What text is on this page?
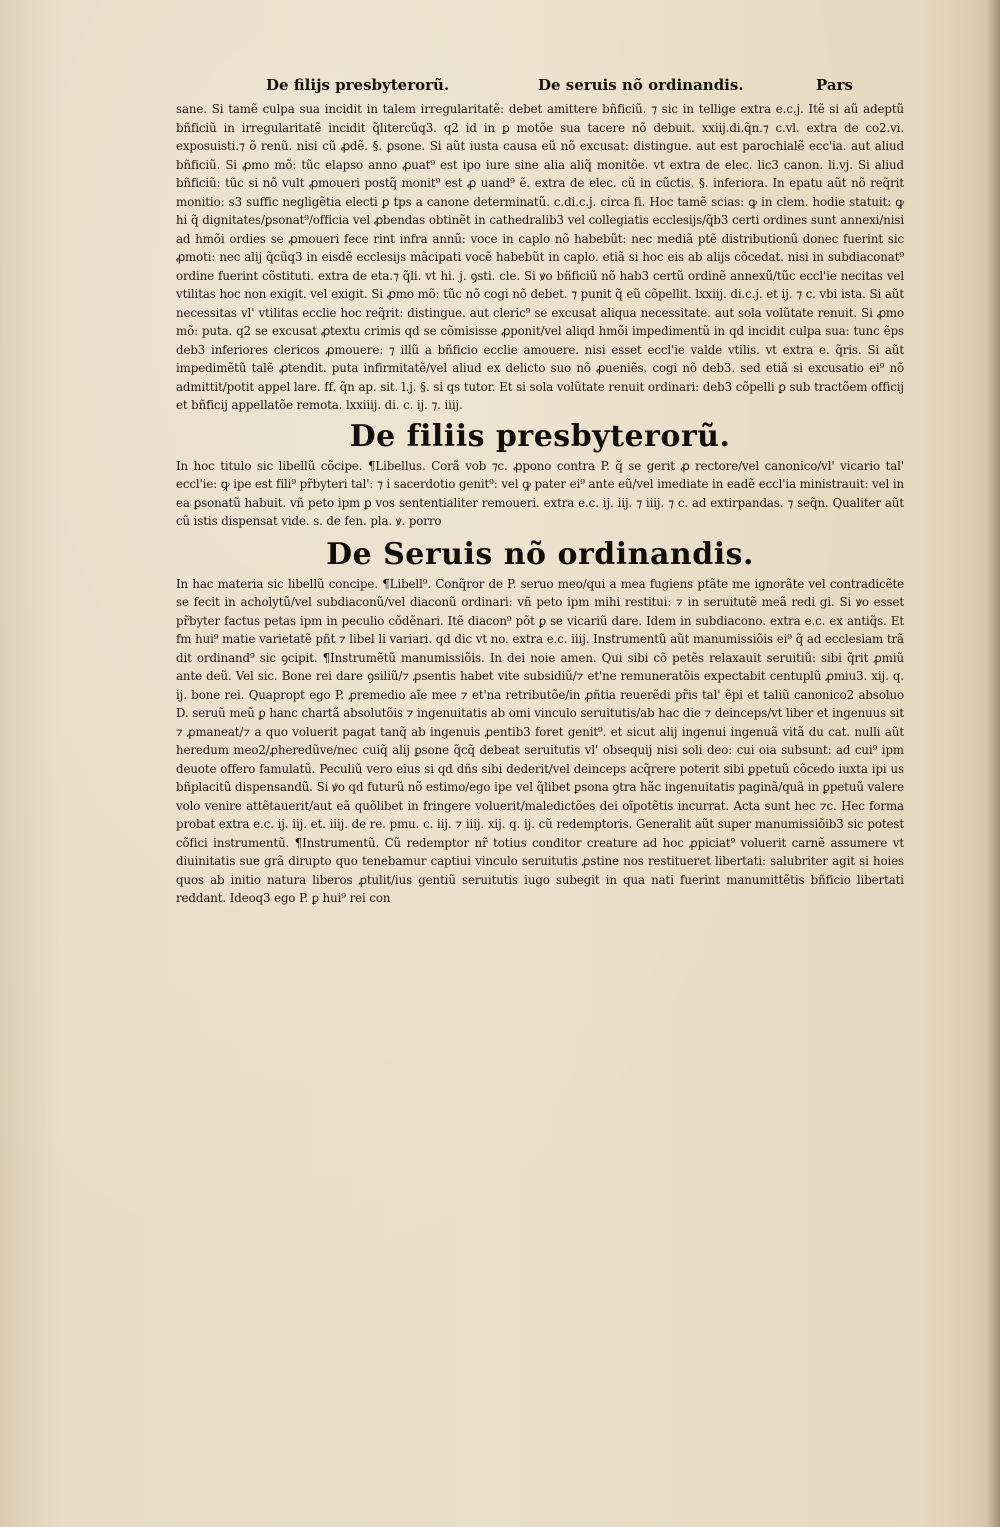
De filijs presbyterorũ.	De seruis nõ ordinandis.	Pars

sane. Si tamẽ culpa sua incidit in talem irregularitatẽ: debet amittere bñficiũ. ⁊ sic in tellige extra e.c.j. Itẽ si aũ adeptũ bñficiũ in irregularitatẽ incidit q̃litercũq3. q2 id in ꝑ motõe sua tacere nõ debuit. xxiij.di.q̃n.⁊ c.vl. extra de co2.vi. exposuisti.⁊ õ renũ. nisi cũ ꝓdẽ. §. ꝑsone. Si aũt iusta causa eũ nõ excusat: distingue. aut est parochialẽ ecc'ia. aut aliud bñficiũ. Si ꝓmo mõ: tũc elapso anno ꝓuat⁹ est ipo iure sine alia aliq̃ monitõe. vt extra de elec. lic3 canon. li.vj. Si aliud bñficiũ: tũc si nõ vult ꝓmoueri postq̃ monit⁹ est ꝓ uand⁹ ẽ. extra de elec. cũ in cũctis. §. inferiora. In epatu aũt nõ req̃rit monitio: s3 suffic negligẽtia electi ꝑ tps a canone determinatũ. c.di.c.j. circa fi. Hoc tamẽ scias: ꝙ in clem. hodie statuit: ꝙ hi q̃ dignitates/ꝑsonat⁹/officia vel ꝓbendas obtinẽt in cathedralib3 vel collegiatis ecclesijs/q̃b3 certi ordines sunt annexi/nisi ad hmõi ordies se ꝓmoueri fece rint infra annũ: voce in caplo nõ habebũt: nec mediã ptẽ distributionũ donec fuerint sic ꝓmoti: nec alij q̃cũq3 in eisdẽ ecclesijs mãcipati vocẽ habebũt in caplo. etiã si hoc eis ab alijs cõcedat. nisi in subdiaconat⁹ ordine fuerint cõstituti. extra de eta.⁊ q̃li. vt hi. j. ꝯsti. cle. Si ꝟo bñficiũ nõ hab3 certũ ordinẽ annexũ/tũc eccl'ie necitas vel vtilitas hoc non exigit. vel exigit. Si ꝓmo mõ: tũc nõ cogi nõ debet. ⁊ punit q̃ eũ cõpellit. lxxiij. di.c.j. et ij. ⁊ c. vbi ista. Si aũt necessitas vl' vtilitas ecclie hoc req̃rit: distingue. aut cleric⁹ se excusat aliqua necessitate. aut sola volũtate renuit. Si ꝓmo mõ: puta. q2 se excusat ꝓtextu crimis qd se cõmisisse ꝓponit/vel aliqd hmõi impedimentũ in qd incidit culpa sua: tunc ẽps deb3 inferiores clericos ꝓmouere: ⁊ illũ a bñficio ecclie amouere. nisi esset eccl'ie valde vtilis. vt extra e. q̃ris. Si aũt impedimẽtũ talẽ ꝓtendit. puta infirmitatẽ/vel aliud ex delicto suo nõ ꝓueniẽs. cogi nõ deb3. sed etiã si excusatio ei⁹ nõ admittit/potit appel lare. ff. q̃n ap. sit. l.j. §. si qs tutor. Et si sola volũtate renuit ordinari: deb3 cõpelli ꝑ sub tractõem officij et bñficij appellatõe remota. lxxiiij. di. c. ij. ⁊. iiij.

De filiis presbyterorũ.

In hoc titulo sic libellũ cõcipe. ¶Libellus. Corã vob ⁊c. ꝓpono contra P. q̃ se gerit ꝓ rectore/vel canonico/vl' vicario tal' eccl'ie: ꝙ ipe est fili⁹ pr̃byteri tal': ⁊ i sacerdotio genit⁹: vel ꝙ pater ei⁹ ante eũ/vel imediate in eadẽ eccl'ia ministrauit: vel in ea ꝑsonatũ habuit. vñ peto ipm ꝑ vos sententialiter remoueri. extra e.c. ij. iij. ⁊ iiij. ⁊ c. ad extirpandas. ⁊ seq̃n. Qualiter aũt cũ istis dispensat vide. s. de fen. pla. ꝟ. porro

De Seruis nõ ordinandis.

In hac materia sic libellũ concipe. ¶Libell⁹. Conq̃ror de P. seruo meo/qui a mea fugiens ptãte me ignorãte vel contradicẽte se fecit in acholytũ/vel subdiaconũ/vel diaconũ ordinari: vñ peto ipm mihi restitui: ⁊ in seruitutẽ meã redi gi. Si ꝟo esset pr̃byter factus petas ipm in peculio cõdẽnari. Itẽ diacon⁹ põt ꝑ se vicariũ dare. Idem in subdiacono. extra e.c. ex antiq̃s. Et fm hui⁹ matie varietatẽ pñt ⁊ libel li variari. qd dic vt no. extra e.c. iiij. Instrumentũ aũt manumissiõis ei⁹ q̃ ad ecclesiam trã dit ordinand⁹ sic ꝯcipit. ¶Instrumẽtũ manumissiõis. In dei noie amen. Qui sibi cõ petẽs relaxauit seruitiũ: sibi q̃rit ꝓmiũ ante deũ. Vel sic. Bone rei dare ꝯsiliũ/⁊ ꝓsentis habet vite subsidiũ/⁊ et'ne remuneratõis expectabit centuplũ ꝓmiu3. xij. q. ij. bone rei. Quapropt ego P. ꝓremedio aĩe mee ⁊ et'na retributõe/in ꝓñtia reuerẽdi pr̃is tal' ẽpi et taliũ canonico2 absoluo D. seruũ meũ ꝑ hanc chartã absolutõis ⁊ ingenuitatis ab omi vinculo seruitutis/ab hac die ⁊ deinceps/vt liber et ingenuus sit ⁊ ꝓmaneat/⁊ a quo voluerit pagat tanq̃ ab ingenuis ꝓentib3 foret genit⁹. et sicut alij ingenui ingenuã vitã du cat. nulli aũt heredum meo2/ꝓheredũve/nec cuiq̃ alij ꝑsone q̃cq̃ debeat seruitutis vl' obsequij nisi soli deo: cui oia subsunt: ad cui⁹ ipm deuote offero famulatũ. Peculiũ vero eius si qd dñs sibi dederit/vel deinceps acq̃rere poterit sibi ꝑpetuũ cõcedo iuxta ipi us bñplacitũ dispensandũ. Si ꝟo qd futurũ nõ estimo/ego ipe vel q̃libet ꝑsona ꝯtra hãc ingenuitatis paginã/quã in ꝑpetuũ valere volo venire attẽtauerit/aut eã quõlibet in fringere voluerit/maledictões dei oĩpotẽtis incurrat. Acta sunt hec ⁊c. Hec forma probat extra e.c. ij. iij. et. iiij. de re. pmu. c. iij. ⁊ iiij. xij. q. ij. cũ redemptoris. Generalit aũt super manumissiõib3 sic potest cõfici instrumentũ. ¶Instrumentũ. Cũ redemptor nr̃ totius conditor creature ad hoc ꝓpiciat⁹ voluerit carnẽ assumere vt diuinitatis sue grã dirupto quo tenebamur captiui vinculo seruitutis ꝓstine nos restitueret libertati: salubriter agit si hoies quos ab initio natura liberos ꝓtulit/ius gentiũ seruitutis iugo subegit in qua nati fuerint manumittẽtis bñficio libertati reddant. Ideoq3 ego P. ꝑ hui⁹ rei con
